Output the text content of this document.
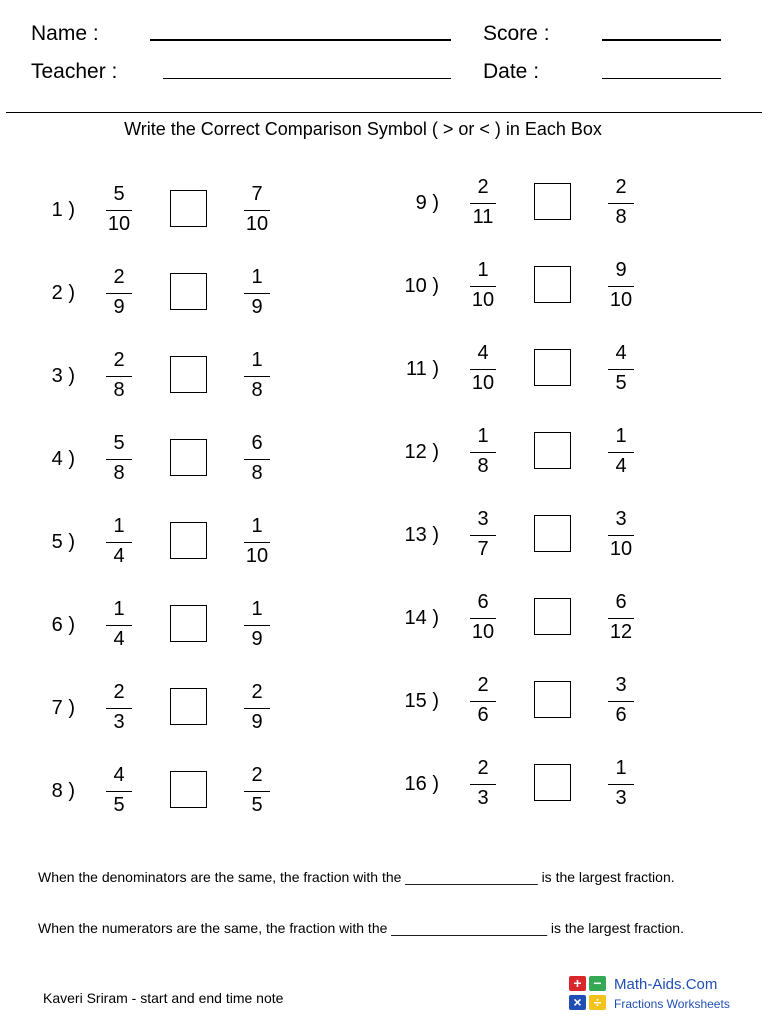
Name :
Teacher :
Score :
Date :
Write the Correct Comparison Symbol ( > or < ) in Each Box
1 )
5
10
7
10
2 )
2
9
1
9
3 )
2
8
1
8
4 )
5
8
6
8
5 )
1
4
1
10
6 )
1
4
1
9
7 )
2
3
2
9
8 )
4
5
2
5
9 )
2
11
2
8
10 )
1
10
9
10
11 )
4
10
4
5
12 )
1
8
1
4
13 )
3
7
3
10
14 )
6
10
6
12
15 )
2
6
3
6
16 )
2
3
1
3
When the denominators are the same, the fraction with the _________________ is the largest fraction.
When the numerators are the same, the fraction with the ____________________ is the largest fraction.
Kaveri Sriram - start and end time note
+ −
× ÷
Math-Aids.Com
Fractions Worksheets
